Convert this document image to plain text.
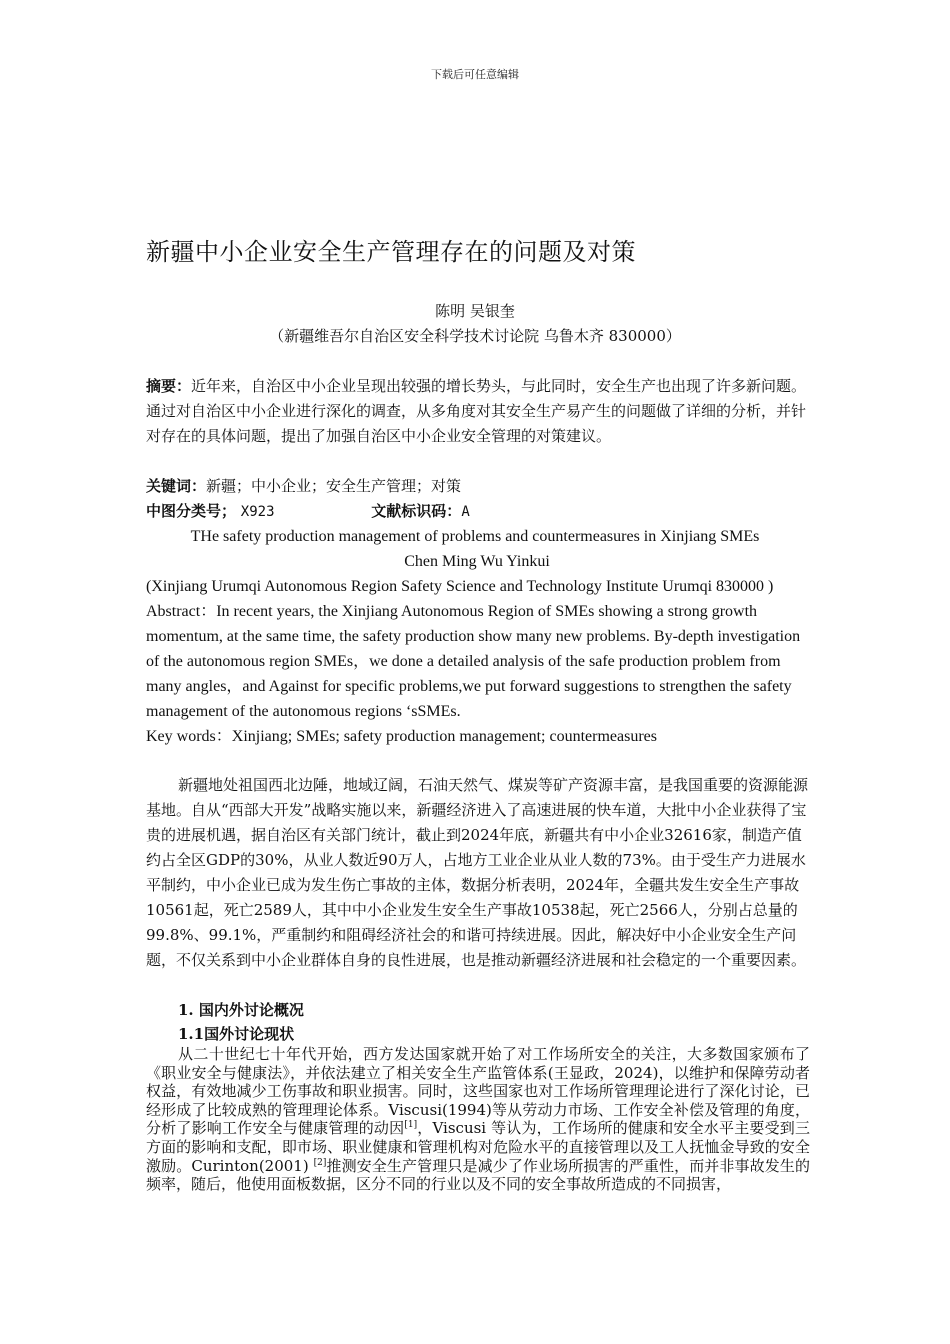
下载后可任意编辑
新疆中小企业安全生产管理存在的问题及对策
陈明 吴银奎
（新疆维吾尔自治区安全科学技术讨论院 乌鲁木齐 830000）
摘要：近年来，自治区中小企业呈现出较强的增长势头，与此同时，安全生产也出现了许多新问题。通过对自治区中小企业进行深化的调查，从多角度对其安全生产易产生的问题做了详细的分析，并针对存在的具体问题，提出了加强自治区中小企业安全管理的对策建议。
关键词：新疆；中小企业；安全生产管理；对策
中图分类号； X923	文献标识码：A
THe safety production management of problems and countermeasures in Xinjiang SMEs
Chen Ming Wu Yinkui
(Xinjiang Urumqi Autonomous Region Safety Science and Technology Institute Urumqi 830000 )
Abstract：In recent years, the Xinjiang Autonomous Region of SMEs showing a strong growth momentum, at the same time, the safety production show many new problems. By-depth investigation of the autonomous region SMEs，we done a detailed analysis of the safe production problem from many angles，and Against for specific problems,we put forward suggestions to strengthen the safety management of the autonomous regions ‘sSMEs.
Key words：Xinjiang; SMEs; safety production management; countermeasures
新疆地处祖国西北边陲，地域辽阔，石油天然气、煤炭等矿产资源丰富，是我国重要的资源能源基地。自从“西部大开发”战略实施以来，新疆经济进入了高速进展的快车道，大批中小企业获得了宝贵的进展机遇，据自治区有关部门统计，截止到2024年底，新疆共有中小企业32616家，制造产值约占全区GDP的30%，从业人数近90万人，占地方工业企业从业人数的73%。由于受生产力进展水平制约，中小企业已成为发生伤亡事故的主体，数据分析表明，2024年，全疆共发生安全生产事故10561起，死亡2589人，其中中小企业发生安全生产事故10538起，死亡2566人，分别占总量的99.8%、99.1%，严重制约和阻碍经济社会的和谐可持续进展。因此，解决好中小企业安全生产问题，不仅关系到中小企业群体自身的良性进展，也是推动新疆经济进展和社会稳定的一个重要因素。
1. 国内外讨论概况
1.1国外讨论现状
从二十世纪七十年代开始，西方发达国家就开始了对工作场所安全的关注，大多数国家颁布了《职业安全与健康法》，并依法建立了相关安全生产监管体系(王显政，2024)，以维护和保障劳动者权益，有效地减少工伤事故和职业损害。同时，这些国家也对工作场所管理理论进行了深化讨论，已经形成了比较成熟的管理理论体系。Viscusi(1994)等从劳动力市场、工作安全补偿及管理的角度，分析了影响工作安全与健康管理的动因[1]，Viscusi 等认为，工作场所的健康和安全水平主要受到三方面的影响和支配，即市场、职业健康和管理机构对危险水平的直接管理以及工人抚恤金导致的安全激励。Curinton(2001) [2]推测安全生产管理只是减少了作业场所损害的严重性，而并非事故发生的频率，随后，他使用面板数据，区分不同的行业以及不同的安全事故所造成的不同损害，
